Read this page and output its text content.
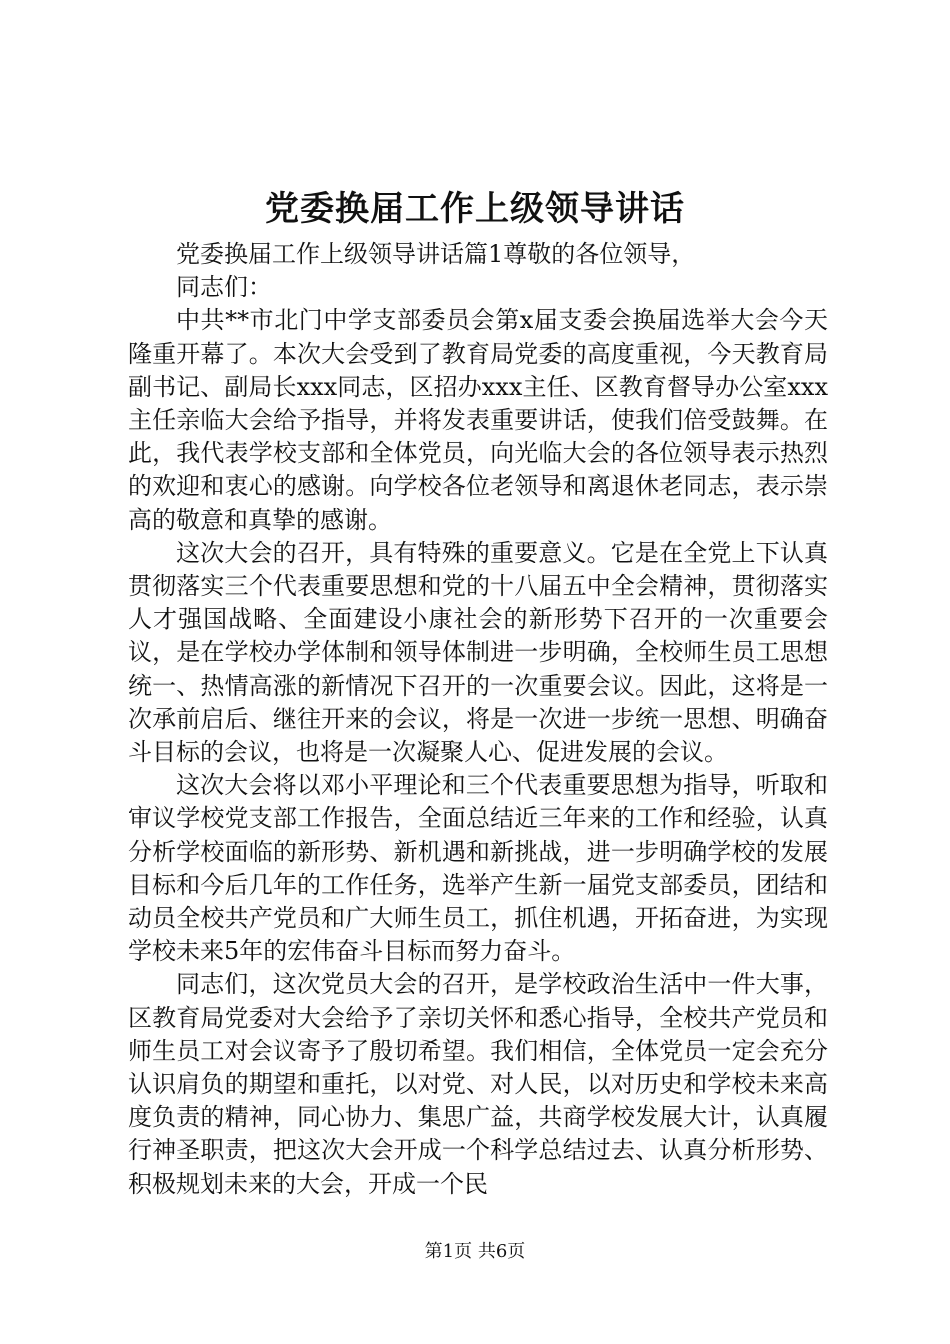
党委换届工作上级领导讲话

党委换届工作上级领导讲话篇1尊敬的各位领导，

同志们：

中共**市北门中学支部委员会第x届支委会换届选举大会今天隆重开幕了。本次大会受到了教育局党委的高度重视，今天教育局副书记、副局长xxx同志，区招办xxx主任、区教育督导办公室xxx主任亲临大会给予指导，并将发表重要讲话，使我们倍受鼓舞。在此，我代表学校支部和全体党员，向光临大会的各位领导表示热烈的欢迎和衷心的感谢。向学校各位老领导和离退休老同志，表示崇高的敬意和真挚的感谢。

这次大会的召开，具有特殊的重要意义。它是在全党上下认真贯彻落实三个代表重要思想和党的十八届五中全会精神，贯彻落实人才强国战略、全面建设小康社会的新形势下召开的一次重要会议，是在学校办学体制和领导体制进一步明确，全校师生员工思想统一、热情高涨的新情况下召开的一次重要会议。因此，这将是一次承前启后、继往开来的会议，将是一次进一步统一思想、明确奋斗目标的会议，也将是一次凝聚人心、促进发展的会议。

这次大会将以邓小平理论和三个代表重要思想为指导，听取和审议学校党支部工作报告，全面总结近三年来的工作和经验，认真分析学校面临的新形势、新机遇和新挑战，进一步明确学校的发展目标和今后几年的工作任务，选举产生新一届党支部委员，团结和动员全校共产党员和广大师生员工，抓住机遇，开拓奋进，为实现学校未来5年的宏伟奋斗目标而努力奋斗。

同志们，这次党员大会的召开，是学校政治生活中一件大事，区教育局党委对大会给予了亲切关怀和悉心指导，全校共产党员和师生员工对会议寄予了殷切希望。我们相信，全体党员一定会充分认识肩负的期望和重托，以对党、对人民，以对历史和学校未来高度负责的精神，同心协力、集思广益，共商学校发展大计，认真履行神圣职责，把这次大会开成一个科学总结过去、认真分析形势、积极规划未来的大会，开成一个民

第1页 共6页
